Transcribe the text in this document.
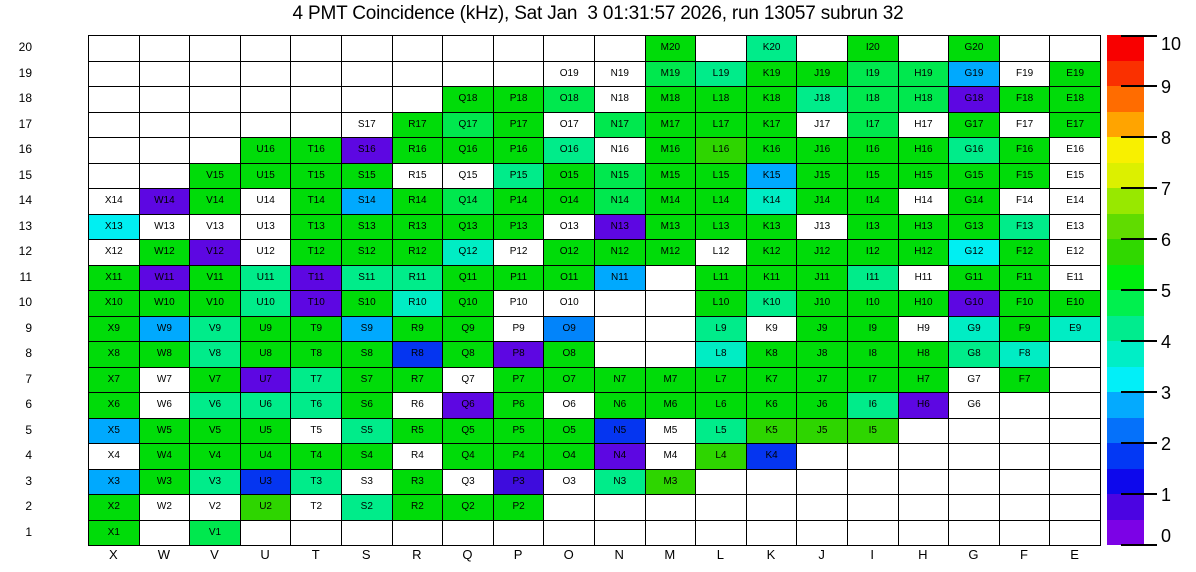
4 PMT Coincidence (kHz), Sat Jan  3 01:31:57 2026, run 13057 subrun 32
20
19
18
17
16
15
14
13
12
11
10
9
8
7
6
5
4
3
2
1
M20	K20	I20	G20
O19	N19	M19	L19	K19	J19	I19	H19	G19	F19	E19
Q18	P18	O18	N18	M18	L18	K18	J18	I18	H18	G18	F18	E18
S17	R17	Q17	P17	O17	N17	M17	L17	K17	J17	I17	H17	G17	F17	E17
U16	T16	S16	R16	Q16	P16	O16	N16	M16	L16	K16	J16	I16	H16	G16	F16	E16
V15	U15	T15	S15	R15	Q15	P15	O15	N15	M15	L15	K15	J15	I15	H15	G15	F15	E15
X14	W14	V14	U14	T14	S14	R14	Q14	P14	O14	N14	M14	L14	K14	J14	I14	H14	G14	F14	E14
X13	W13	V13	U13	T13	S13	R13	Q13	P13	O13	N13	M13	L13	K13	J13	I13	H13	G13	F13	E13
X12	W12	V12	U12	T12	S12	R12	Q12	P12	O12	N12	M12	L12	K12	J12	I12	H12	G12	F12	E12
X11	W11	V11	U11	T11	S11	R11	Q11	P11	O11	N11	L11	K11	J11	I11	H11	G11	F11	E11
X10	W10	V10	U10	T10	S10	R10	Q10	P10	O10	L10	K10	J10	I10	H10	G10	F10	E10
X9	W9	V9	U9	T9	S9	R9	Q9	P9	O9	L9	K9	J9	I9	H9	G9	F9	E9
X8	W8	V8	U8	T8	S8	R8	Q8	P8	O8	L8	K8	J8	I8	H8	G8	F8
X7	W7	V7	U7	T7	S7	R7	Q7	P7	O7	N7	M7	L7	K7	J7	I7	H7	G7	F7
X6	W6	V6	U6	T6	S6	R6	Q6	P6	O6	N6	M6	L6	K6	J6	I6	H6	G6
X5	W5	V5	U5	T5	S5	R5	Q5	P5	O5	N5	M5	L5	K5	J5	I5
X4	W4	V4	U4	T4	S4	R4	Q4	P4	O4	N4	M4	L4	K4
X3	W3	V3	U3	T3	S3	R3	Q3	P3	O3	N3	M3
X2	W2	V2	U2	T2	S2	R2	Q2	P2
X1	V1
X	W	V	U	T	S	R	Q	P	O	N	M	L	K	J	I	H	G	F	E
10
9
8
7
6
5
4
3
2
1
0
